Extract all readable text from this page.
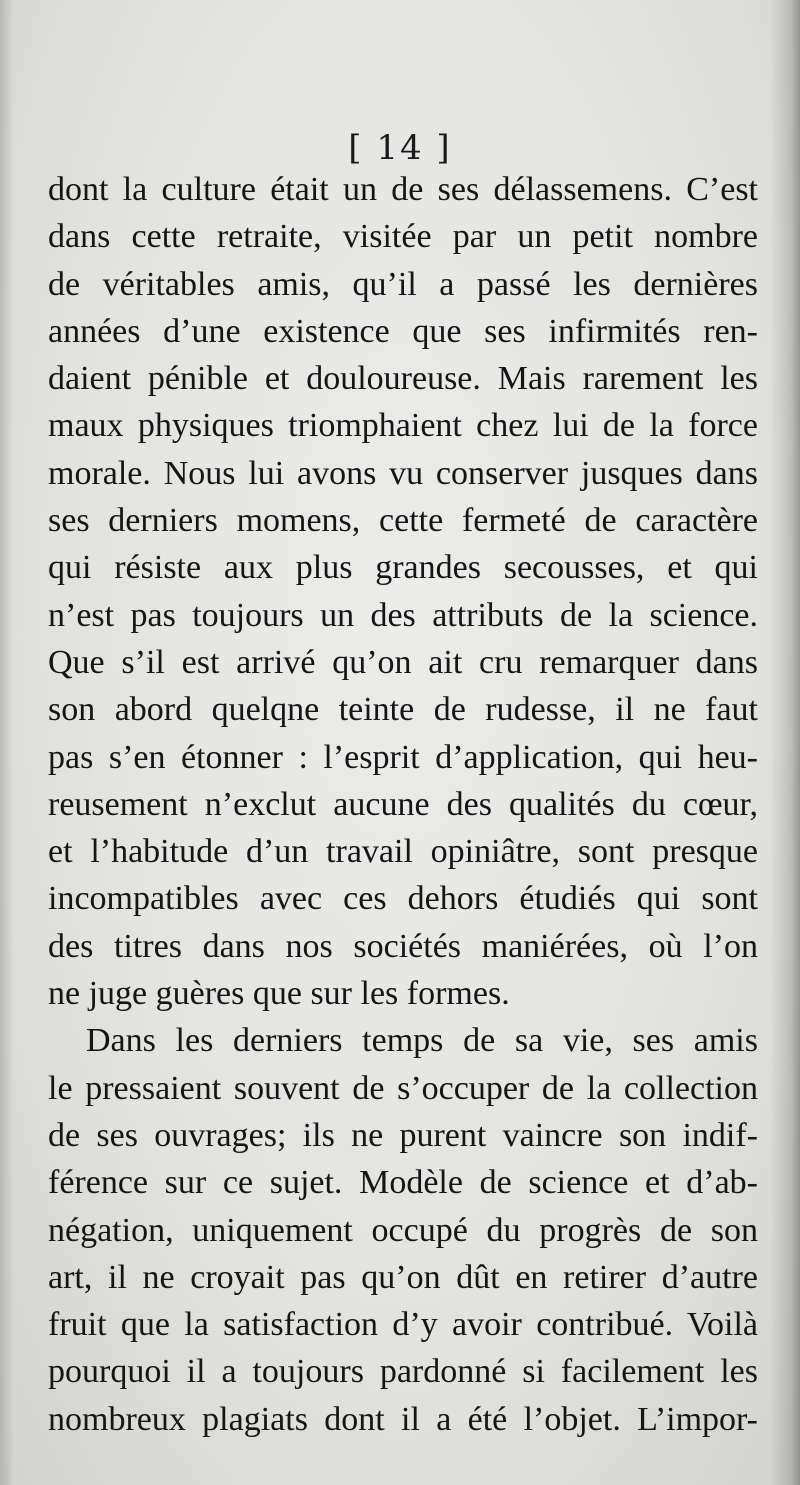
[ 14 ]
dont la culture était un de ses délassemens. C’est
dans cette retraite, visitée par un petit nombre
de véritables amis, qu’il a passé les dernières
années d’une existence que ses infirmités ren-
daient pénible et douloureuse. Mais rarement les
maux physiques triomphaient chez lui de la force
morale. Nous lui avons vu conserver jusques dans
ses derniers momens, cette fermeté de caractère
qui résiste aux plus grandes secousses, et qui
n’est pas toujours un des attributs de la science.
Que s’il est arrivé qu’on ait cru remarquer dans
son abord quelqne teinte de rudesse, il ne faut
pas s’en étonner : l’esprit d’application, qui heu-
reusement n’exclut aucune des qualités du cœur,
et l’habitude d’un travail opiniâtre, sont presque
incompatibles avec ces dehors étudiés qui sont
des titres dans nos sociétés maniérées, où l’on
ne juge guères que sur les formes.
Dans les derniers temps de sa vie, ses amis
le pressaient souvent de s’occuper de la collection
de ses ouvrages; ils ne purent vaincre son indif-
férence sur ce sujet. Modèle de science et d’ab-
négation, uniquement occupé du progrès de son
art, il ne croyait pas qu’on dût en retirer d’autre
fruit que la satisfaction d’y avoir contribué. Voilà
pourquoi il a toujours pardonné si facilement les
nombreux plagiats dont il a été l’objet. L’impor-
